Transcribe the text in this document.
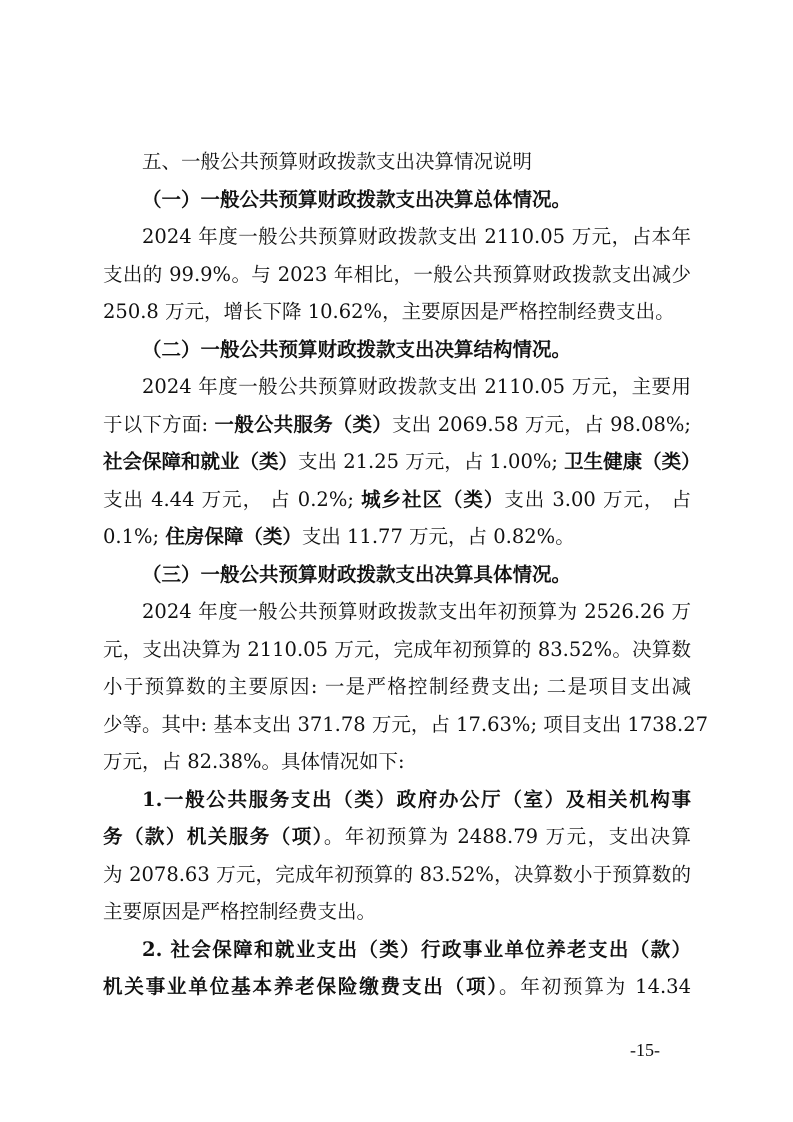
五、一般公共预算财政拨款支出决算情况说明
（一）一般公共预算财政拨款支出决算总体情况。
2024 年度一般公共预算财政拨款支出 2110.05 万元，占本年
支出的 99.9%。与 2023 年相比，一般公共预算财政拨款支出减少
250.8 万元，增长下降 10.62%，主要原因是严格控制经费支出。
（二）一般公共预算财政拨款支出决算结构情况。
2024 年度一般公共预算财政拨款支出 2110.05 万元，主要用
于以下方面: 一般公共服务（类）支出 2069.58 万元，占 98.08%;
社会保障和就业（类）支出 21.25 万元，占 1.00%; 卫生健康（类）
支出 4.44 万元， 占 0.2%; 城乡社区（类）支出 3.00 万元， 占
0.1%; 住房保障（类）支出 11.77 万元，占 0.82%。
（三）一般公共预算财政拨款支出决算具体情况。
2024 年度一般公共预算财政拨款支出年初预算为 2526.26 万
元，支出决算为 2110.05 万元，完成年初预算的 83.52%。决算数
小于预算数的主要原因: 一是严格控制经费支出; 二是项目支出减
少等。其中: 基本支出 371.78 万元，占 17.63%; 项目支出 1738.27
万元，占 82.38%。具体情况如下:
1.一般公共服务支出（类）政府办公厅（室）及相关机构事
务（款）机关服务（项）。年初预算为 2488.79 万元，支出决算
为 2078.63 万元，完成年初预算的 83.52%，决算数小于预算数的
主要原因是严格控制经费支出。
2. 社会保障和就业支出（类）行政事业单位养老支出（款）
机关事业单位基本养老保险缴费支出（项）。年初预算为 14.34
-15-
